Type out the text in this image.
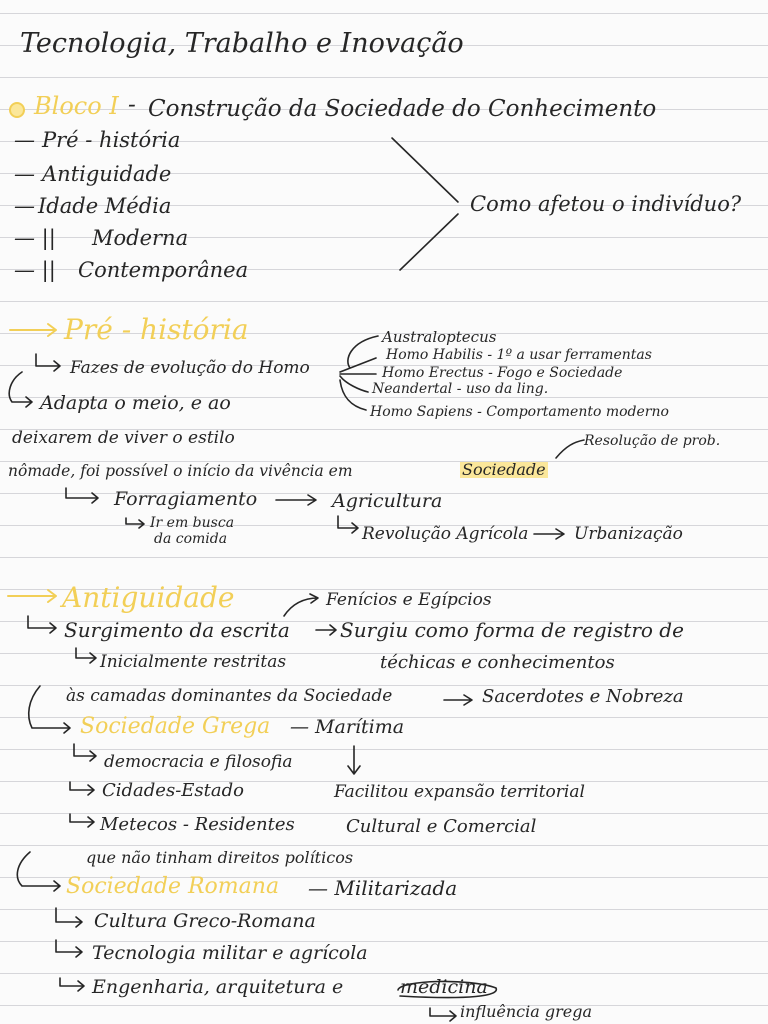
Tecnologia, Trabalho e Inovação
Bloco I - Construção da Sociedade do Conhecimento
— Pré - história
— Antiguidade
— Idade Média
— || Moderna
— || Contemporânea
Como afetou o indivíduo?
Pré - história	Australoptecus
Homo Habilis - 1º a usar ferramentas
Homo Erectus - Fogo e Sociedade
Neandertal - uso da ling.
Homo Sapiens - Comportamento moderno
Fazes de evolução do Homo
Adapta o meio, e ao
deixarem de viver o estilo	Resolução de prob.
nômade, foi possível o início da vivência em	Sociedade
Forragiamento	Agricultura
Ir em busca
da comida	Revolução Agrícola	Urbanização
Antiguidade	Fenícios e Egípcios
Surgimento da escrita	Surgiu como forma de registro de
Inicialmente restritas	téchicas e conhecimentos
às camadas dominantes da Sociedade	Sacerdotes e Nobreza
Sociedade Grega — Marítima
democracia e filosofia
Cidades-Estado	Facilitou expansão territorial
Metecos - Residentes	Cultural e Comercial
que não tinham direitos políticos
Sociedade Romana — Militarizada
Cultura Greco-Romana
Tecnologia militar e agrícola
Engenharia, arquitetura e	medicina
influência grega
